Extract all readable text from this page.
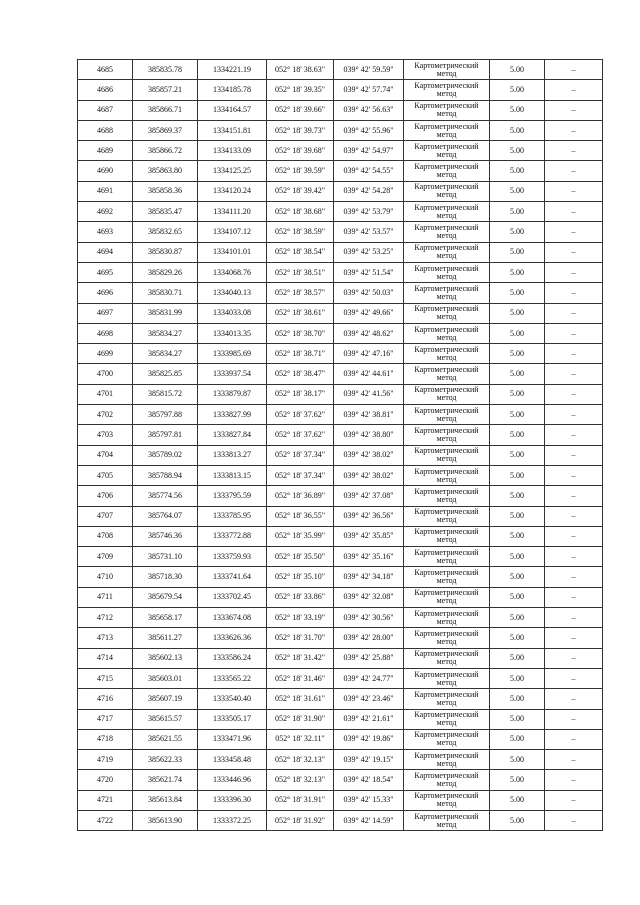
4685	385835.78	1334221.19	052° 18' 38.63"	039° 42' 59.59"	Картометрический метод	5.00	–
4686	385857.21	1334185.78	052° 18' 39.35"	039° 42' 57.74"	Картометрический метод	5.00	–
4687	385866.71	1334164.57	052° 18' 39.66"	039° 42' 56.63"	Картометрический метод	5.00	–
4688	385869.37	1334151.81	052° 18' 39.73"	039° 42' 55.96"	Картометрический метод	5.00	–
4689	385866.72	1334133.09	052° 18' 39.68"	039° 42' 54.97"	Картометрический метод	5.00	–
4690	385863.80	1334125.25	052° 18' 39.59"	039° 42' 54.55"	Картометрический метод	5.00	–
4691	385858.36	1334120.24	052° 18' 39.42"	039° 42' 54.28"	Картометрический метод	5.00	–
4692	385835.47	1334111.20	052° 18' 38.68"	039° 42' 53.79"	Картометрический метод	5.00	–
4693	385832.65	1334107.12	052° 18' 38.59"	039° 42' 53.57"	Картометрический метод	5.00	–
4694	385830.87	1334101.01	052° 18' 38.54"	039° 42' 53.25"	Картометрический метод	5.00	–
4695	385829.26	1334068.76	052° 18' 38.51"	039° 42' 51.54"	Картометрический метод	5.00	–
4696	385830.71	1334040.13	052° 18' 38.57"	039° 42' 50.03"	Картометрический метод	5.00	–
4697	385831.99	1334033.08	052° 18' 38.61"	039° 42' 49.66"	Картометрический метод	5.00	–
4698	385834.27	1334013.35	052° 18' 38.70"	039° 42' 48.62"	Картометрический метод	5.00	–
4699	385834.27	1333985.69	052° 18' 38.71"	039° 42' 47.16"	Картометрический метод	5.00	–
4700	385825.85	1333937.54	052° 18' 38.47"	039° 42' 44.61"	Картометрический метод	5.00	–
4701	385815.72	1333879.87	052° 18' 38.17"	039° 42' 41.56"	Картометрический метод	5.00	–
4702	385797.88	1333827.99	052° 18' 37.62"	039° 42' 38.81"	Картометрический метод	5.00	–
4703	385797.81	1333827.84	052° 18' 37.62"	039° 42' 38.80"	Картометрический метод	5.00	–
4704	385789.02	1333813.27	052° 18' 37.34"	039° 42' 38.02"	Картометрический метод	5.00	–
4705	385788.94	1333813.15	052° 18' 37.34"	039° 42' 38.02"	Картометрический метод	5.00	–
4706	385774.56	1333795.59	052° 18' 36.89"	039° 42' 37.08"	Картометрический метод	5.00	–
4707	385764.07	1333785.95	052° 18' 36.55"	039° 42' 36.56"	Картометрический метод	5.00	–
4708	385746.36	1333772.88	052° 18' 35.99"	039° 42' 35.85"	Картометрический метод	5.00	–
4709	385731.10	1333759.93	052° 18' 35.50"	039° 42' 35.16"	Картометрический метод	5.00	–
4710	385718.30	1333741.64	052° 18' 35.10"	039° 42' 34.18"	Картометрический метод	5.00	–
4711	385679.54	1333702.45	052° 18' 33.86"	039° 42' 32.08"	Картометрический метод	5.00	–
4712	385658.17	1333674.08	052° 18' 33.19"	039° 42' 30.56"	Картометрический метод	5.00	–
4713	385611.27	1333626.36	052° 18' 31.70"	039° 42' 28.00"	Картометрический метод	5.00	–
4714	385602.13	1333586.24	052° 18' 31.42"	039° 42' 25.88"	Картометрический метод	5.00	–
4715	385603.01	1333565.22	052° 18' 31.46"	039° 42' 24.77"	Картометрический метод	5.00	–
4716	385607.19	1333540.40	052° 18' 31.61"	039° 42' 23.46"	Картометрический метод	5.00	–
4717	385615.57	1333505.17	052° 18' 31.90"	039° 42' 21.61"	Картометрический метод	5.00	–
4718	385621.55	1333471.96	052° 18' 32.11"	039° 42' 19.86"	Картометрический метод	5.00	–
4719	385622.33	1333458.48	052° 18' 32.13"	039° 42' 19.15"	Картометрический метод	5.00	–
4720	385621.74	1333446.96	052° 18' 32.13"	039° 42' 18.54"	Картометрический метод	5.00	–
4721	385613.84	1333396.30	052° 18' 31.91"	039° 42' 15.33"	Картометрический метод	5.00	–
4722	385613.90	1333372.25	052° 18' 31.92"	039° 42' 14.59"	Картометрический метод	5.00	–
